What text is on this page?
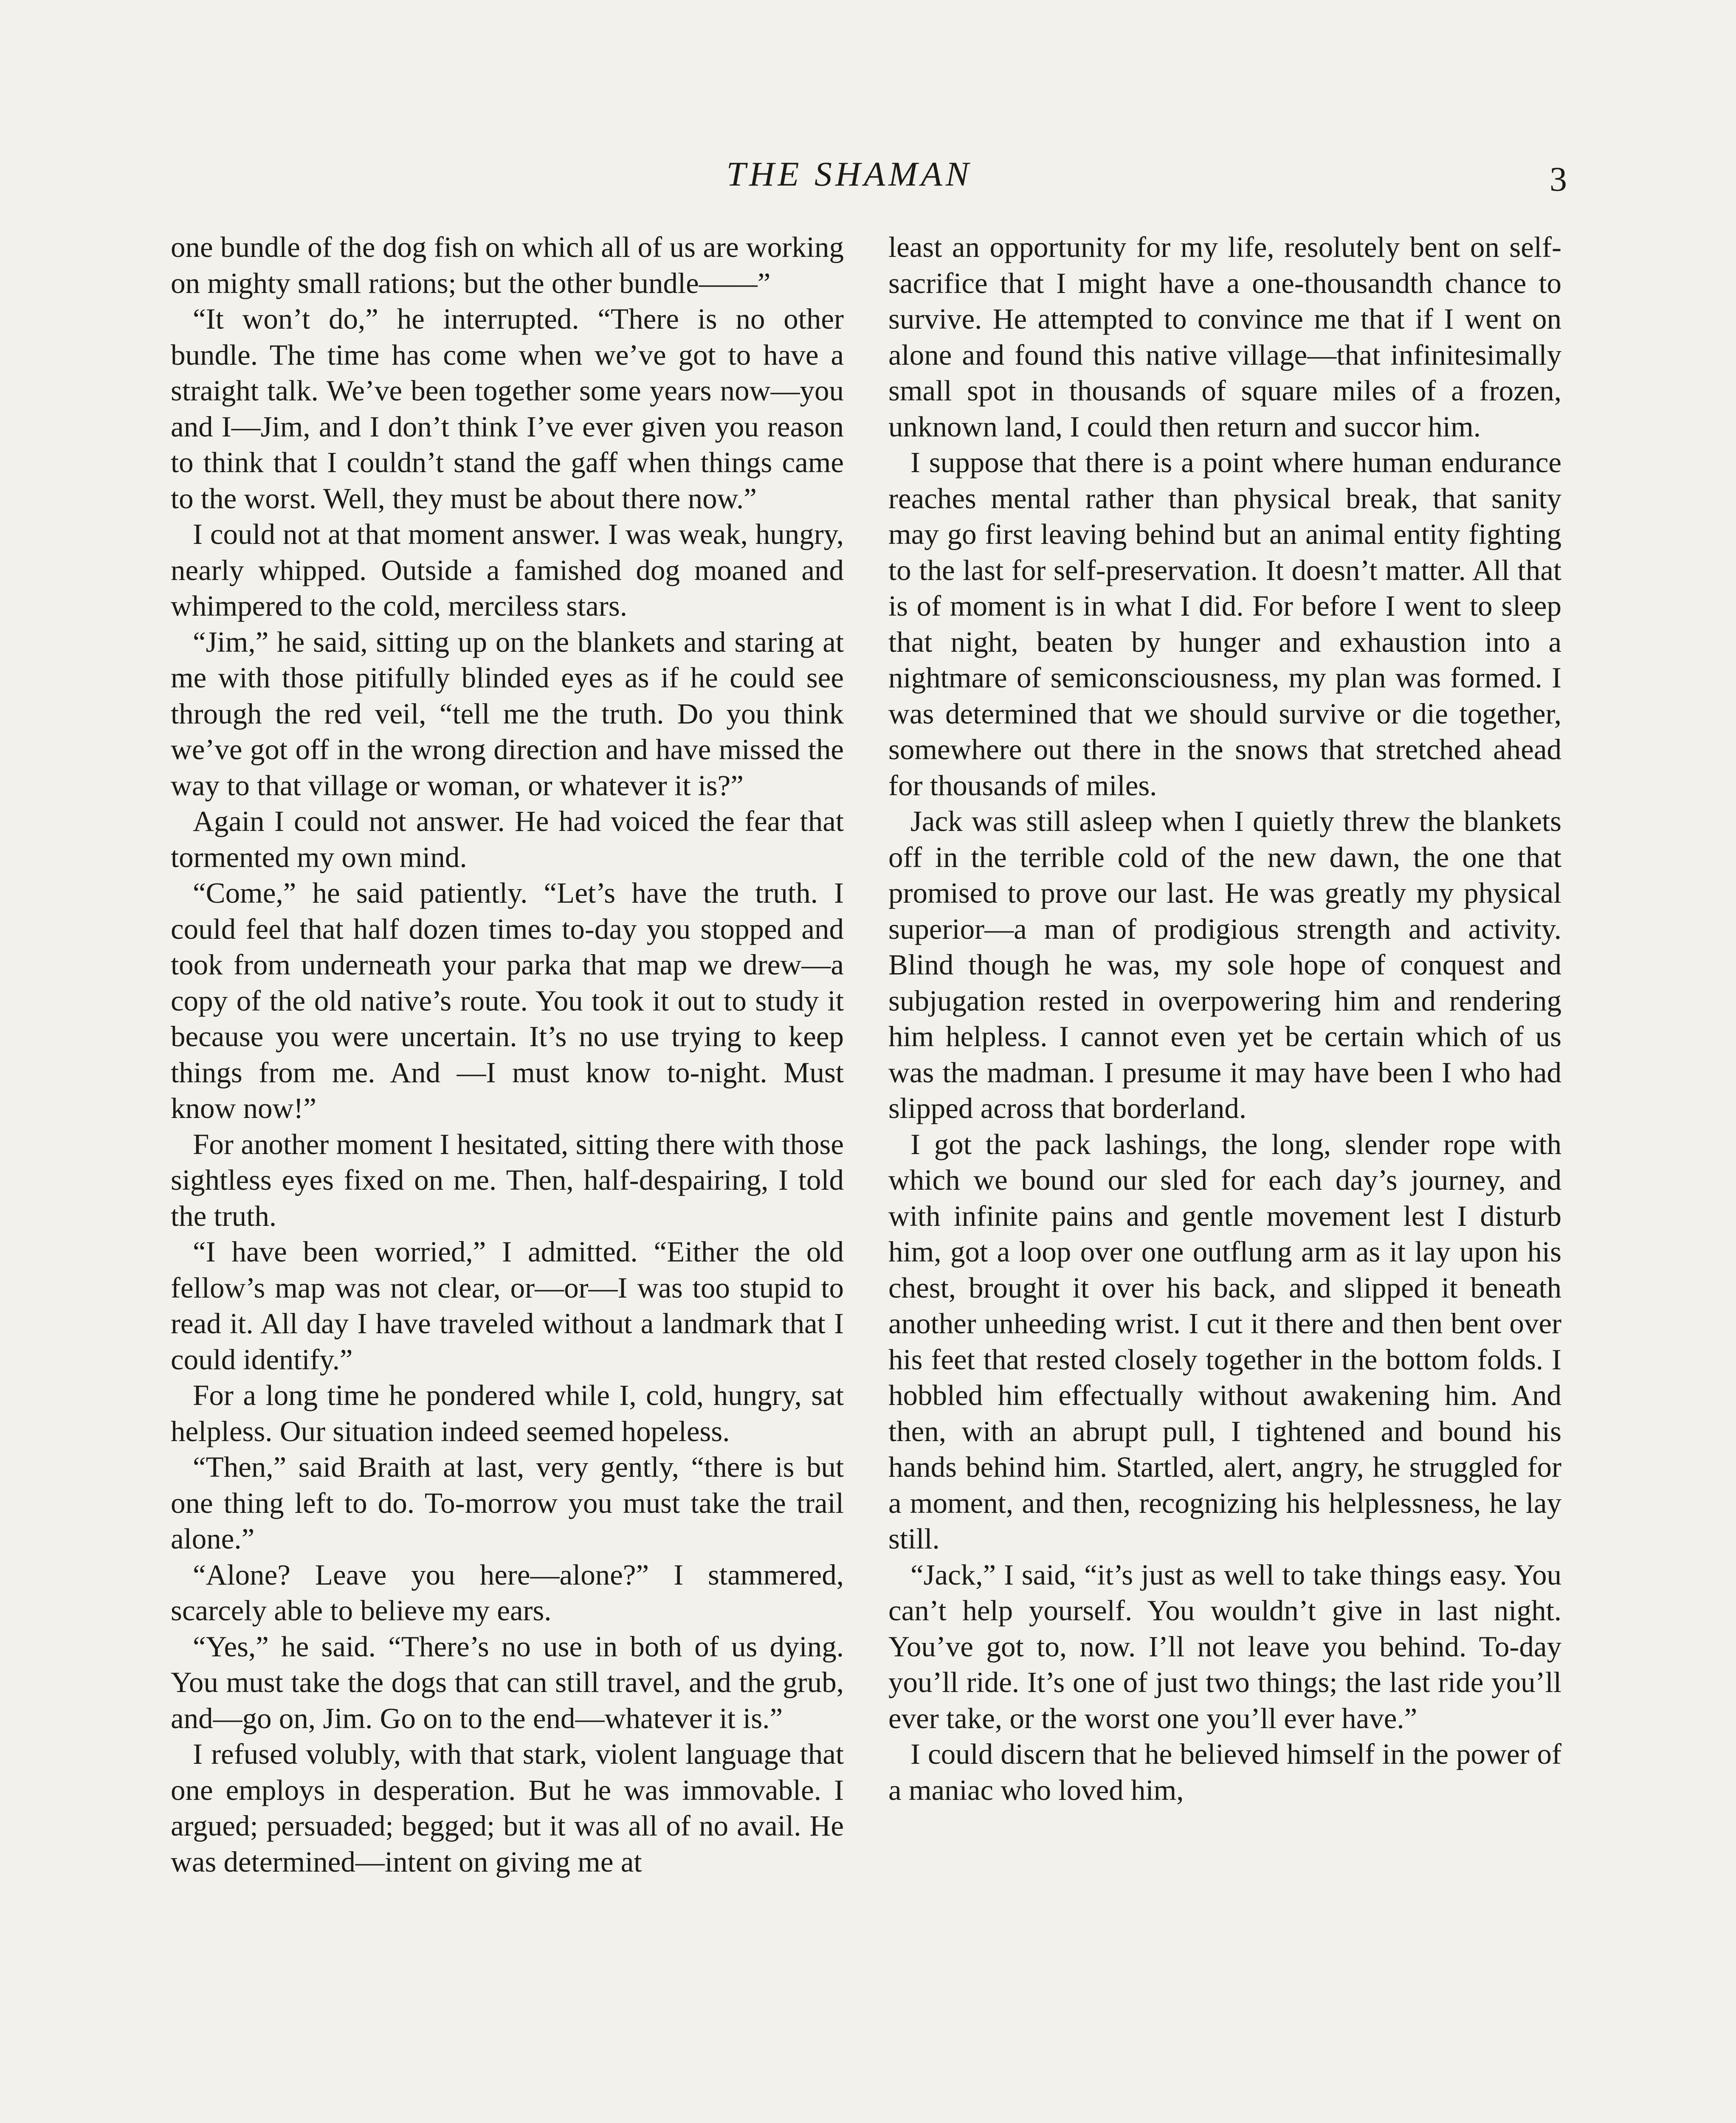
THE SHAMAN	3

one bundle of the dog fish on which all of us are working on mighty small rations; but the other bundle——”

“It won’t do,” he interrupted. “There is no other bundle. The time has come when we’ve got to have a straight talk. We’ve been together some years now—you and I—Jim, and I don’t think I’ve ever given you reason to think that I couldn’t stand the gaff when things came to the worst. Well, they must be about there now.”

I could not at that moment answer. I was weak, hungry, nearly whipped. Outside a famished dog moaned and whimpered to the cold, merciless stars.

“Jim,” he said, sitting up on the blankets and staring at me with those pitifully blinded eyes as if he could see through the red veil, “tell me the truth. Do you think we’ve got off in the wrong direction and have missed the way to that village or woman, or whatever it is?”

Again I could not answer. He had voiced the fear that tormented my own mind.

“Come,” he said patiently. “Let’s have the truth. I could feel that half dozen times to-day you stopped and took from underneath your parka that map we drew—a copy of the old native’s route. You took it out to study it because you were uncertain. It’s no use trying to keep things from me. And —I must know to-night. Must know now!”

For another moment I hesitated, sitting there with those sightless eyes fixed on me. Then, half-despairing, I told the truth.

“I have been worried,” I admitted. “Either the old fellow’s map was not clear, or—or—I was too stupid to read it. All day I have traveled without a landmark that I could identify.”

For a long time he pondered while I, cold, hungry, sat helpless. Our situation indeed seemed hopeless.

“Then,” said Braith at last, very gently, “there is but one thing left to do. To-morrow you must take the trail alone.”

“Alone? Leave you here—alone?” I stammered, scarcely able to believe my ears.

“Yes,” he said. “There’s no use in both of us dying. You must take the dogs that can still travel, and the grub, and—go on, Jim. Go on to the end—whatever it is.”

I refused volubly, with that stark, violent language that one employs in desperation. But he was immovable. I argued; persuaded; begged; but it was all of no avail. He was determined—intent on giving me at

least an opportunity for my life, resolutely bent on self-sacrifice that I might have a one-thousandth chance to survive. He attempted to convince me that if I went on alone and found this native village—that infinitesimally small spot in thousands of square miles of a frozen, unknown land, I could then return and succor him.

I suppose that there is a point where human endurance reaches mental rather than physical break, that sanity may go first leaving behind but an animal entity fighting to the last for self-preservation. It doesn’t matter. All that is of moment is in what I did. For before I went to sleep that night, beaten by hunger and exhaustion into a nightmare of semiconsciousness, my plan was formed. I was determined that we should survive or die together, somewhere out there in the snows that stretched ahead for thousands of miles.

Jack was still asleep when I quietly threw the blankets off in the terrible cold of the new dawn, the one that promised to prove our last. He was greatly my physical superior—a man of prodigious strength and activity. Blind though he was, my sole hope of conquest and subjugation rested in overpowering him and rendering him helpless. I cannot even yet be certain which of us was the madman. I presume it may have been I who had slipped across that borderland.

I got the pack lashings, the long, slender rope with which we bound our sled for each day’s journey, and with infinite pains and gentle movement lest I disturb him, got a loop over one outflung arm as it lay upon his chest, brought it over his back, and slipped it beneath another unheeding wrist. I cut it there and then bent over his feet that rested closely together in the bottom folds. I hobbled him effectually without awakening him. And then, with an abrupt pull, I tightened and bound his hands behind him. Startled, alert, angry, he struggled for a moment, and then, recognizing his helplessness, he lay still.

“Jack,” I said, “it’s just as well to take things easy. You can’t help yourself. You wouldn’t give in last night. You’ve got to, now. I’ll not leave you behind. To-day you’ll ride. It’s one of just two things; the last ride you’ll ever take, or the worst one you’ll ever have.”

I could discern that he believed himself in the power of a maniac who loved him,
